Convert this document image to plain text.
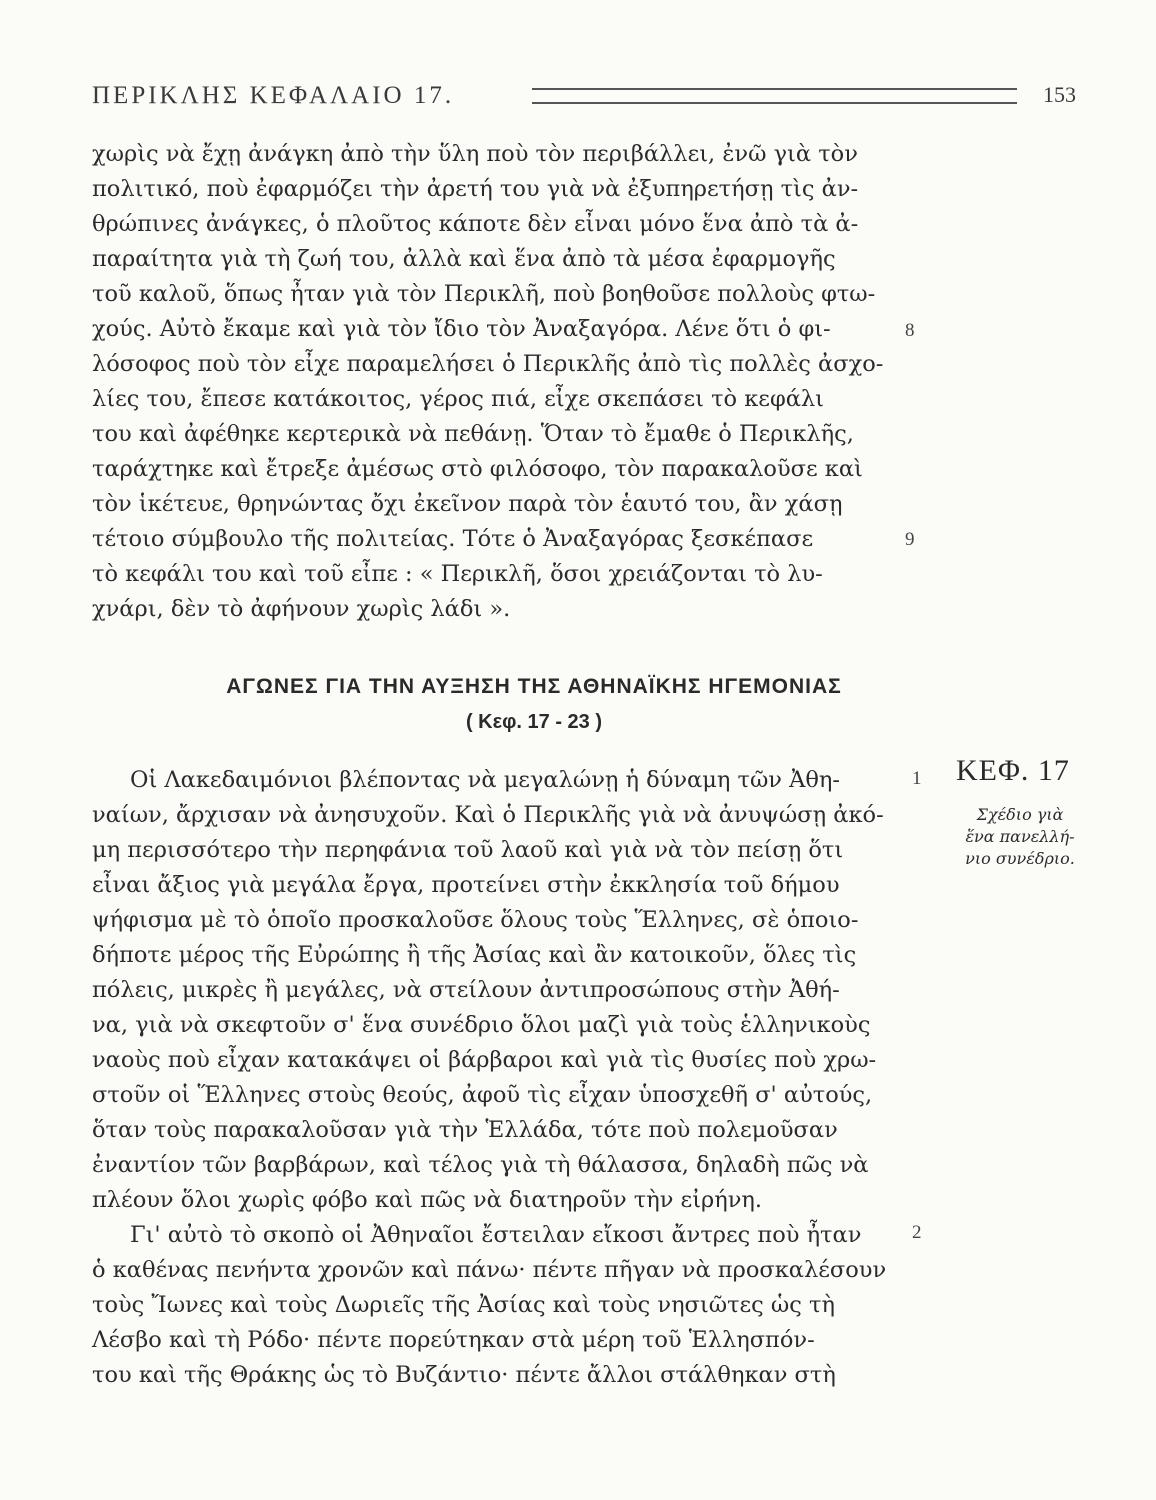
ΠΕΡΙΚΛΗΣ ΚΕΦΑΛΑΙΟ 17.	153
χωρὶς νὰ ἔχῃ ἀνάγκη ἀπὸ τὴν ὕλη ποὺ τὸν περιβάλλει, ἐνῶ γιὰ τὸν
πολιτικό, ποὺ ἐφαρμόζει τὴν ἀρετή του γιὰ νὰ ἐξυπηρετήσῃ τὶς ἀν-
θρώπινες ἀνάγκες, ὁ πλοῦτος κάποτε δὲν εἶναι μόνο ἕνα ἀπὸ τὰ ἀ-
παραίτητα γιὰ τὴ ζωή του, ἀλλὰ καὶ ἕνα ἀπὸ τὰ μέσα ἐφαρμογῆς
τοῦ καλοῦ, ὅπως ἦταν γιὰ τὸν Περικλῆ, ποὺ βοηθοῦσε πολλοὺς φτω-
χούς. Αὐτὸ ἔκαμε καὶ γιὰ τὸν ἴδιο τὸν Ἀναξαγόρα. Λένε ὅτι ὁ φι-
λόσοφος ποὺ τὸν εἶχε παραμελήσει ὁ Περικλῆς ἀπὸ τὶς πολλὲς ἀσχο-
λίες του, ἔπεσε κατάκοιτος, γέρος πιά, εἶχε σκεπάσει τὸ κεφάλι
του καὶ ἀφέθηκε κερτερικὰ νὰ πεθάνῃ. Ὅταν τὸ ἔμαθε ὁ Περικλῆς,
ταράχτηκε καὶ ἔτρεξε ἀμέσως στὸ φιλόσοφο, τὸν παρακαλοῦσε καὶ
τὸν ἱκέτευε, θρηνώντας ὄχι ἐκεῖνον παρὰ τὸν ἑαυτό του, ἂν χάσῃ
τέτοιο σύμβουλο τῆς πολιτείας. Τότε ὁ Ἀναξαγόρας ξεσκέπασε
τὸ κεφάλι του καὶ τοῦ εἶπε : « Περικλῆ, ὅσοι χρειάζονται τὸ λυ-
χνάρι, δὲν τὸ ἀφήνουν χωρὶς λάδι ».
8
9
ΑΓΩΝΕΣ ΓΙΑ ΤΗΝ ΑΥΞΗΣΗ ΤΗΣ ΑΘΗΝΑΪΚΗΣ ΗΓΕΜΟΝΙΑΣ
( Κεφ. 17 - 23 )
Οἱ Λακεδαιμόνιοι βλέποντας νὰ μεγαλώνῃ ἡ δύναμη τῶν Ἀθη-
ναίων, ἄρχισαν νὰ ἀνησυχοῦν. Καὶ ὁ Περικλῆς γιὰ νὰ ἀνυψώσῃ ἀκό-
μη περισσότερο τὴν περηφάνια τοῦ λαοῦ καὶ γιὰ νὰ τὸν πείσῃ ὅτι
εἶναι ἄξιος γιὰ μεγάλα ἔργα, προτείνει στὴν ἐκκλησία τοῦ δήμου
ψήφισμα μὲ τὸ ὁποῖο προσκαλοῦσε ὅλους τοὺς Ἕλληνες, σὲ ὁποιο-
δήποτε μέρος τῆς Εὐρώπης ἢ τῆς Ἀσίας καὶ ἂν κατοικοῦν, ὅλες τὶς
πόλεις, μικρὲς ἢ μεγάλες, νὰ στείλουν ἀντιπροσώπους στὴν Ἀθή-
να, γιὰ νὰ σκεφτοῦν σ' ἕνα συνέδριο ὅλοι μαζὶ γιὰ τοὺς ἑλληνικοὺς
ναοὺς ποὺ εἶχαν κατακάψει οἱ βάρβαροι καὶ γιὰ τὶς θυσίες ποὺ χρω-
στοῦν οἱ Ἕλληνες στοὺς θεούς, ἀφοῦ τὶς εἶχαν ὑποσχεθῆ σ' αὐτούς,
ὅταν τοὺς παρακαλοῦσαν γιὰ τὴν Ἑλλάδα, τότε ποὺ πολεμοῦσαν
ἐναντίον τῶν βαρβάρων, καὶ τέλος γιὰ τὴ θάλασσα, δηλαδὴ πῶς νὰ
πλέουν ὅλοι χωρὶς φόβο καὶ πῶς νὰ διατηροῦν τὴν εἰρήνη.
Γι' αὐτὸ τὸ σκοπὸ οἱ Ἀθηναῖοι ἔστειλαν εἴκοσι ἄντρες ποὺ ἦταν
ὁ καθένας πενήντα χρονῶν καὶ πάνω· πέντε πῆγαν νὰ προσκαλέσουν
τοὺς Ἴωνες καὶ τοὺς Δωριεῖς τῆς Ἀσίας καὶ τοὺς νησιῶτες ὡς τὴ
Λέσβο καὶ τὴ Ρόδο· πέντε πορεύτηκαν στὰ μέρη τοῦ Ἑλλησπόν-
του καὶ τῆς Θράκης ὡς τὸ Βυζάντιο· πέντε ἄλλοι στάλθηκαν στὴ
1
2
ΚΕΦ. 17
Σχέδιο γιὰ
ἕνα πανελλή-
νιο συνέδριο.
